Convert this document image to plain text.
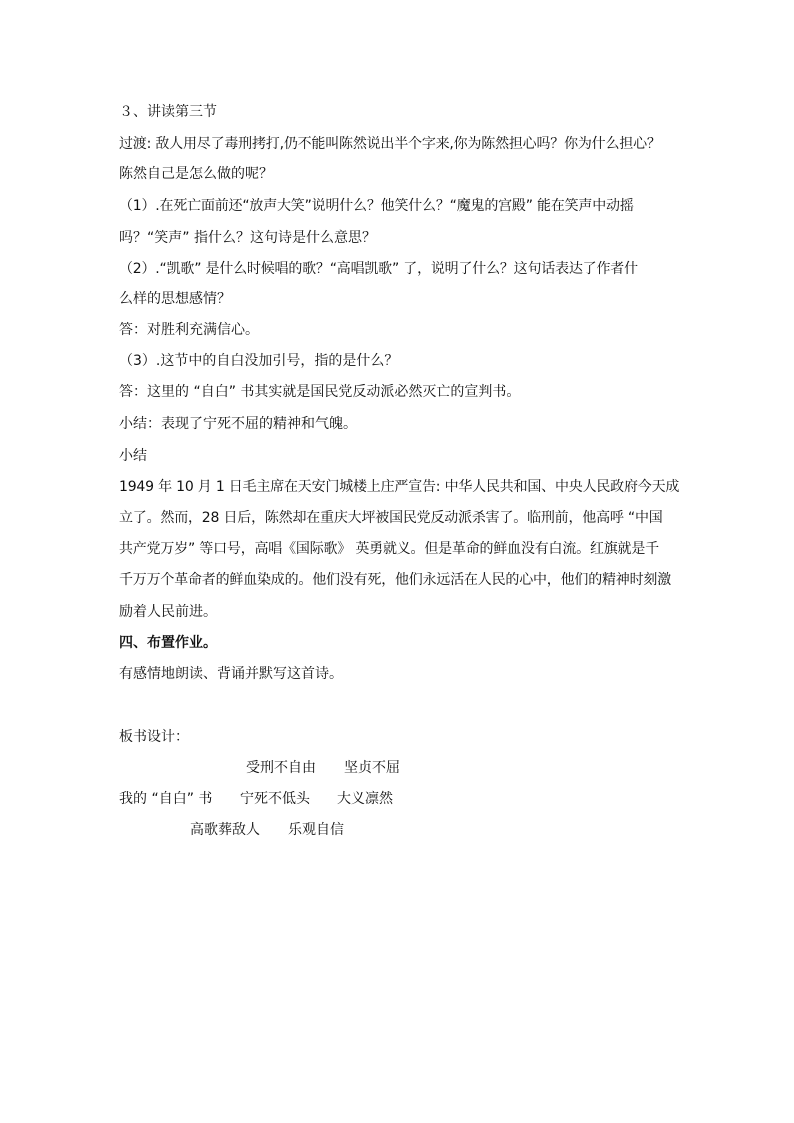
３、讲读第三节
过渡: 敌人用尽了毒刑拷打,仍不能叫陈然说出半个字来,你为陈然担心吗？你为什么担心？
陈然自己是怎么做的呢？
（1）.在死亡面前还“放声大笑”说明什么？他笑什么？“魔鬼的宫殿” 能在笑声中动摇
吗？“笑声” 指什么？这句诗是什么意思？
（2）.“凯歌” 是什么时候唱的歌？“高唱凯歌” 了，说明了什么？这句话表达了作者什
么样的思想感情？
答：对胜利充满信心。
（3）.这节中的自白没加引号，指的是什么？
答：这里的 “自白” 书其实就是国民党反动派必然灭亡的宣判书。
小结：表现了宁死不屈的精神和气魄。
小结
1949 年 10 月 1 日毛主席在天安门城楼上庄严宣告: 中华人民共和国、中央人民政府今天成
立了。然而，28 日后，陈然却在重庆大坪被国民党反动派杀害了。临刑前，他高呼 “中国
共产党万岁” 等口号，高唱《国际歌》 英勇就义。但是革命的鲜血没有白流。红旗就是千
千万万个革命者的鲜血染成的。他们没有死，他们永远活在人民的心中，他们的精神时刻激
励着人民前进。
四、布置作业。
有感情地朗读、背诵并默写这首诗。
板书设计：
受刑不自由 坚贞不屈
我的 “自白” 书 宁死不低头 大义凛然
高歌葬敌人 乐观自信
